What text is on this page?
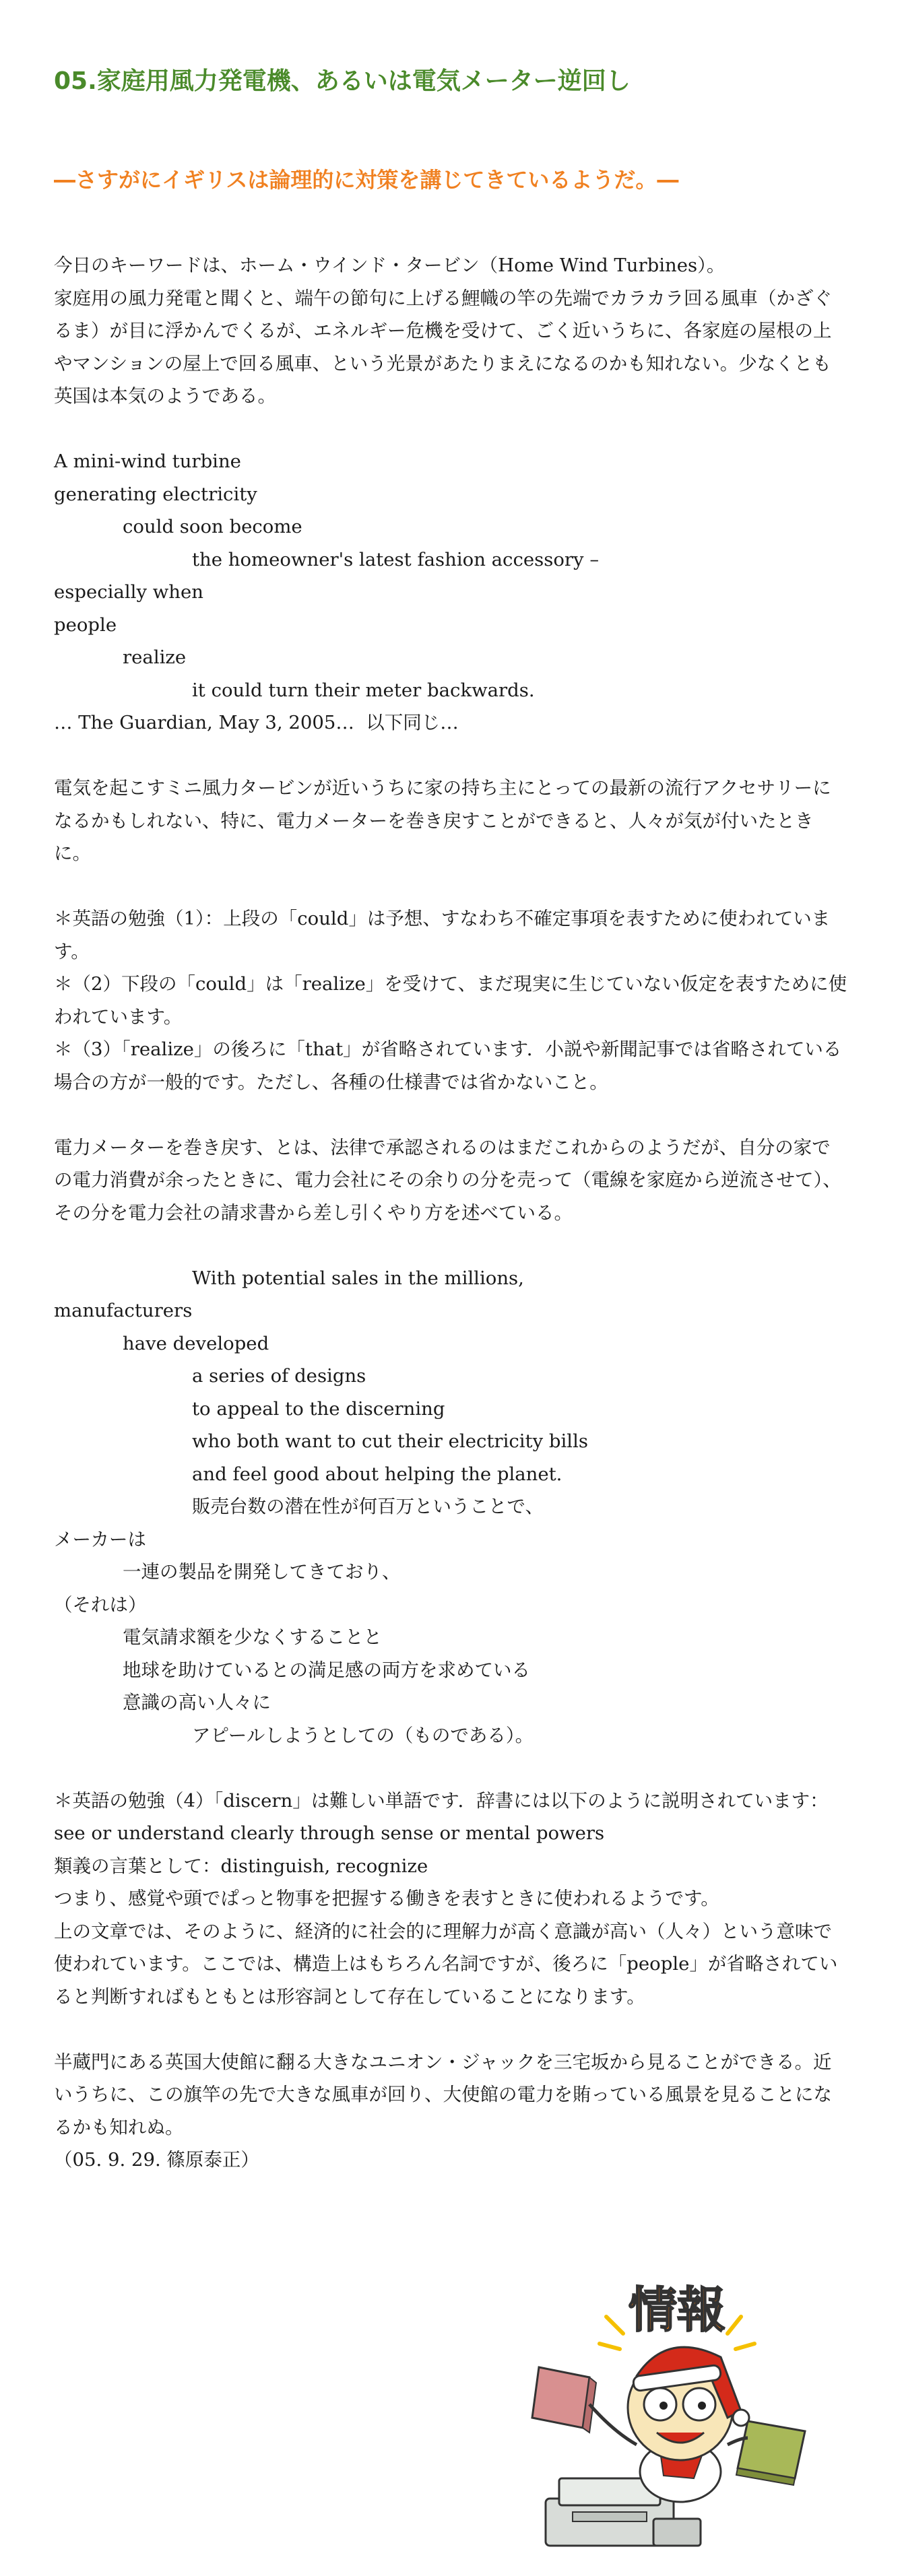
05.家庭用風力発電機、あるいは電気メーター逆回し
―さすがにイギリスは論理的に対策を講じてきているようだ。―

今日のキーワードは、ホーム・ウインド・タービン（Home Wind Turbines）。
家庭用の風力発電と聞くと、端午の節句に上げる鯉幟の竿の先端でカラカラ回る風車（かざぐるま）が目に浮かんでくるが、エネルギー危機を受けて、ごく近いうちに、各家庭の屋根の上やマンションの屋上で回る風車、という光景があたりまえになるのかも知れない。少なくとも英国は本気のようである。

A mini-wind turbine
generating electricity
could soon become
the homeowner's latest fashion accessory –
especially when
people
realize
it could turn their meter backwards.
… The Guardian, May 3, 2005…  以下同じ…

電気を起こすミニ風力タービンが近いうちに家の持ち主にとっての最新の流行アクセサリーになるかもしれない、特に、電力メーターを巻き戻すことができると、人々が気が付いたときに。

＊英語の勉強（1）：上段の「could」は予想、すなわち不確定事項を表すために使われています。

＊（2）下段の「could」は「realize」を受けて、まだ現実に生じていない仮定を表すために使われています。

＊（3）「realize」の後ろに「that」が省略されています．小説や新聞記事では省略されている場合の方が一般的です。ただし、各種の仕様書では省かないこと。

電力メーターを巻き戻す、とは、法律で承認されるのはまだこれからのようだが、自分の家での電力消費が余ったときに、電力会社にその余りの分を売って（電線を家庭から逆流させて）、その分を電力会社の請求書から差し引くやり方を述べている。

With potential sales in the millions,
manufacturers
have developed
a series of designs
to appeal to the discerning
who both want to cut their electricity bills
and feel good about helping the planet.
販売台数の潜在性が何百万ということで、
メーカーは
一連の製品を開発してきており、
（それは）
電気請求額を少なくすることと
地球を助けているとの満足感の両方を求めている
意識の高い人々に
アピールしようとしての（ものである）。

＊英語の勉強（4）「discern」は難しい単語です．辞書には以下のように説明されています：

see or understand clearly through sense or mental powers

類義の言葉として：distinguish, recognize

つまり、感覚や頭でぱっと物事を把握する働きを表すときに使われるようです。

上の文章では、そのように、経済的に社会的に理解力が高く意識が高い（人々）という意味で使われています。ここでは、構造上はもちろん名詞ですが、後ろに「people」が省略されていると判断すればもともとは形容詞として存在していることになります。

半蔵門にある英国大使館に翻る大きなユニオン・ジャックを三宅坂から見ることができる。近いうちに、この旗竿の先で大きな風車が回り、大使館の電力を賄っている風景を見ることになるかも知れぬ。

（05. 9. 29. 篠原泰正）

情報
